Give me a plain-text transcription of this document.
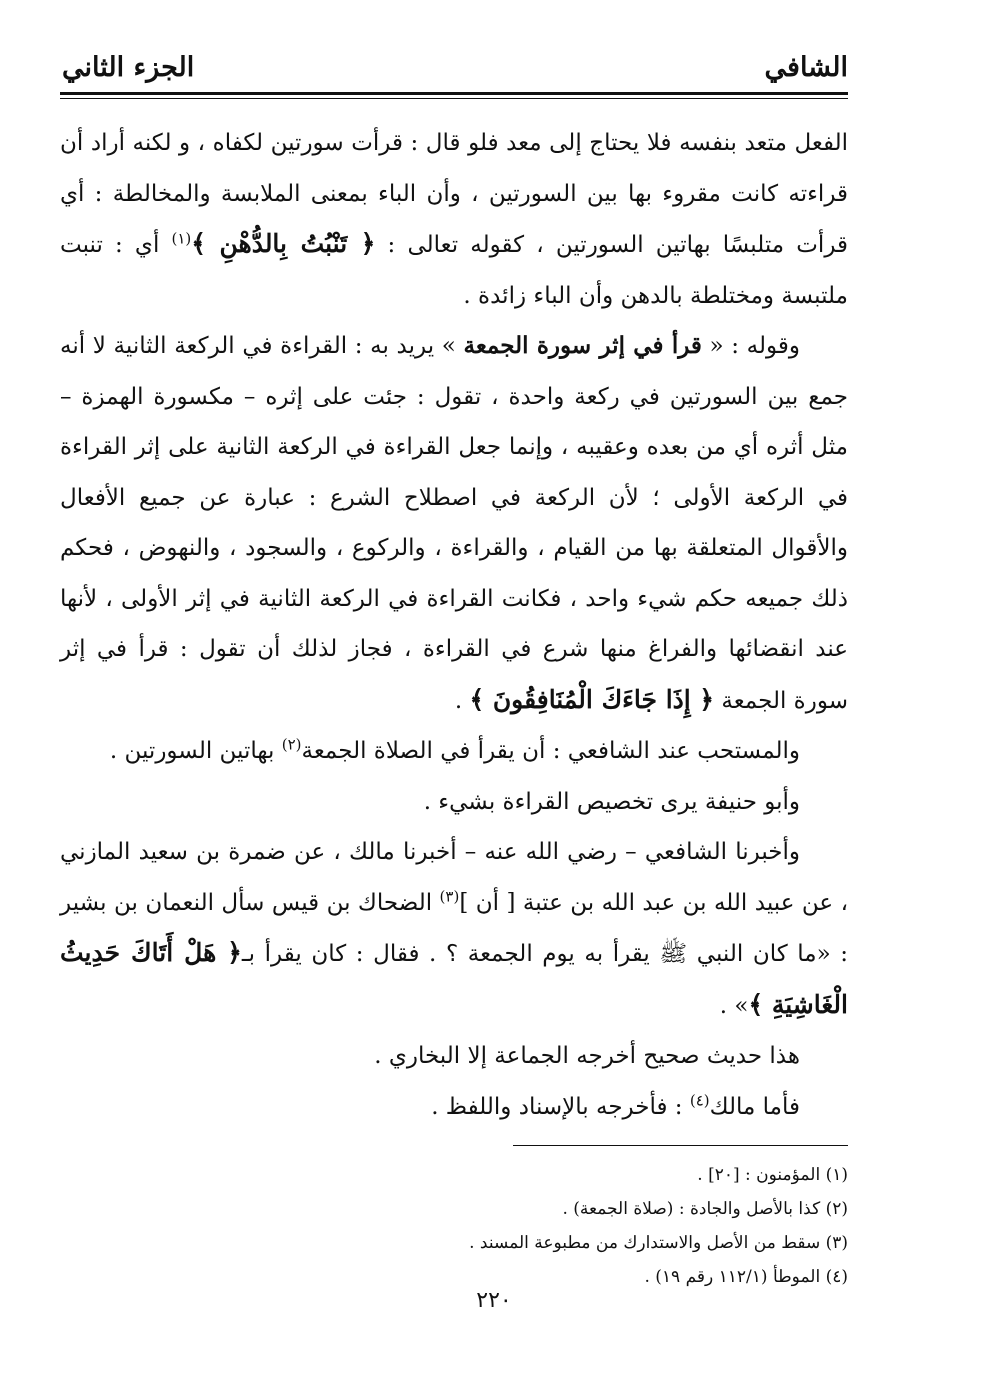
الشافي
الجزء الثاني

الفعل متعد بنفسه فلا يحتاج إلى معد فلو قال : قرأت سورتين لكفاه ، و لكنه أراد أن قراءته كانت مقروء بها بين السورتين ، وأن الباء بمعنى الملابسة والمخالطة : أي قرأت متلبسًا بهاتين السورتين ، كقوله تعالى : ﴿ تَنْبُتُ بِالدُّهْنِ ﴾$^{(١)}$ أي : تنبت ملتبسة ومختلطة بالدهن وأن الباء زائدة .

وقوله : « قرأ في إثر سورة الجمعة » يريد به : القراءة في الركعة الثانية لا أنه جمع بين السورتين في ركعة واحدة ، تقول : جئت على إثره – مكسورة الهمزة – مثل أثره أي من بعده وعقيبه ، وإنما جعل القراءة في الركعة الثانية على إثر القراءة في الركعة الأولى ؛ لأن الركعة في اصطلاح الشرع : عبارة عن جميع الأفعال والأقوال المتعلقة بها من القيام ، والقراءة ، والركوع ، والسجود ، والنهوض ، فحكم ذلك جميعه حكم شيء واحد ، فكانت القراءة في الركعة الثانية في إثر الأولى ، لأنها عند انقضائها والفراغ منها شرع في القراءة ، فجاز لذلك أن تقول : قرأ في إثر سورة الجمعة ﴿ إِذَا جَاءَكَ الْمُنَافِقُونَ ﴾ .

والمستحب عند الشافعي : أن يقرأ في الصلاة الجمعة$^{(٢)}$ بهاتين السورتين .

وأبو حنيفة يرى تخصيص القراءة بشيء .

وأخبرنا الشافعي – رضي الله عنه – أخبرنا مالك ، عن ضمرة بن سعيد المازني ، عن عبيد الله بن عبد الله بن عتبة [ أن ]$^{(٣)}$ الضحاك بن قيس سأل النعمان بن بشير : «ما كان النبي ﷺ يقرأ به يوم الجمعة ؟ . فقال : كان يقرأ بـ﴿ هَلْ أَتَاكَ حَدِيثُ الْغَاشِيَةِ ﴾» .

هذا حديث صحيح أخرجه الجماعة إلا البخاري .

فأما مالك$^{(٤)}$ : فأخرجه بالإسناد واللفظ .

(١) المؤمنون : [٢٠] .
(٢) كذا بالأصل والجادة : (صلاة الجمعة) .
(٣) سقط من الأصل والاستدارك من مطبوعة المسند .
(٤) الموطأ (١١٢/١ رقم ١٩) .
٢٢٠
